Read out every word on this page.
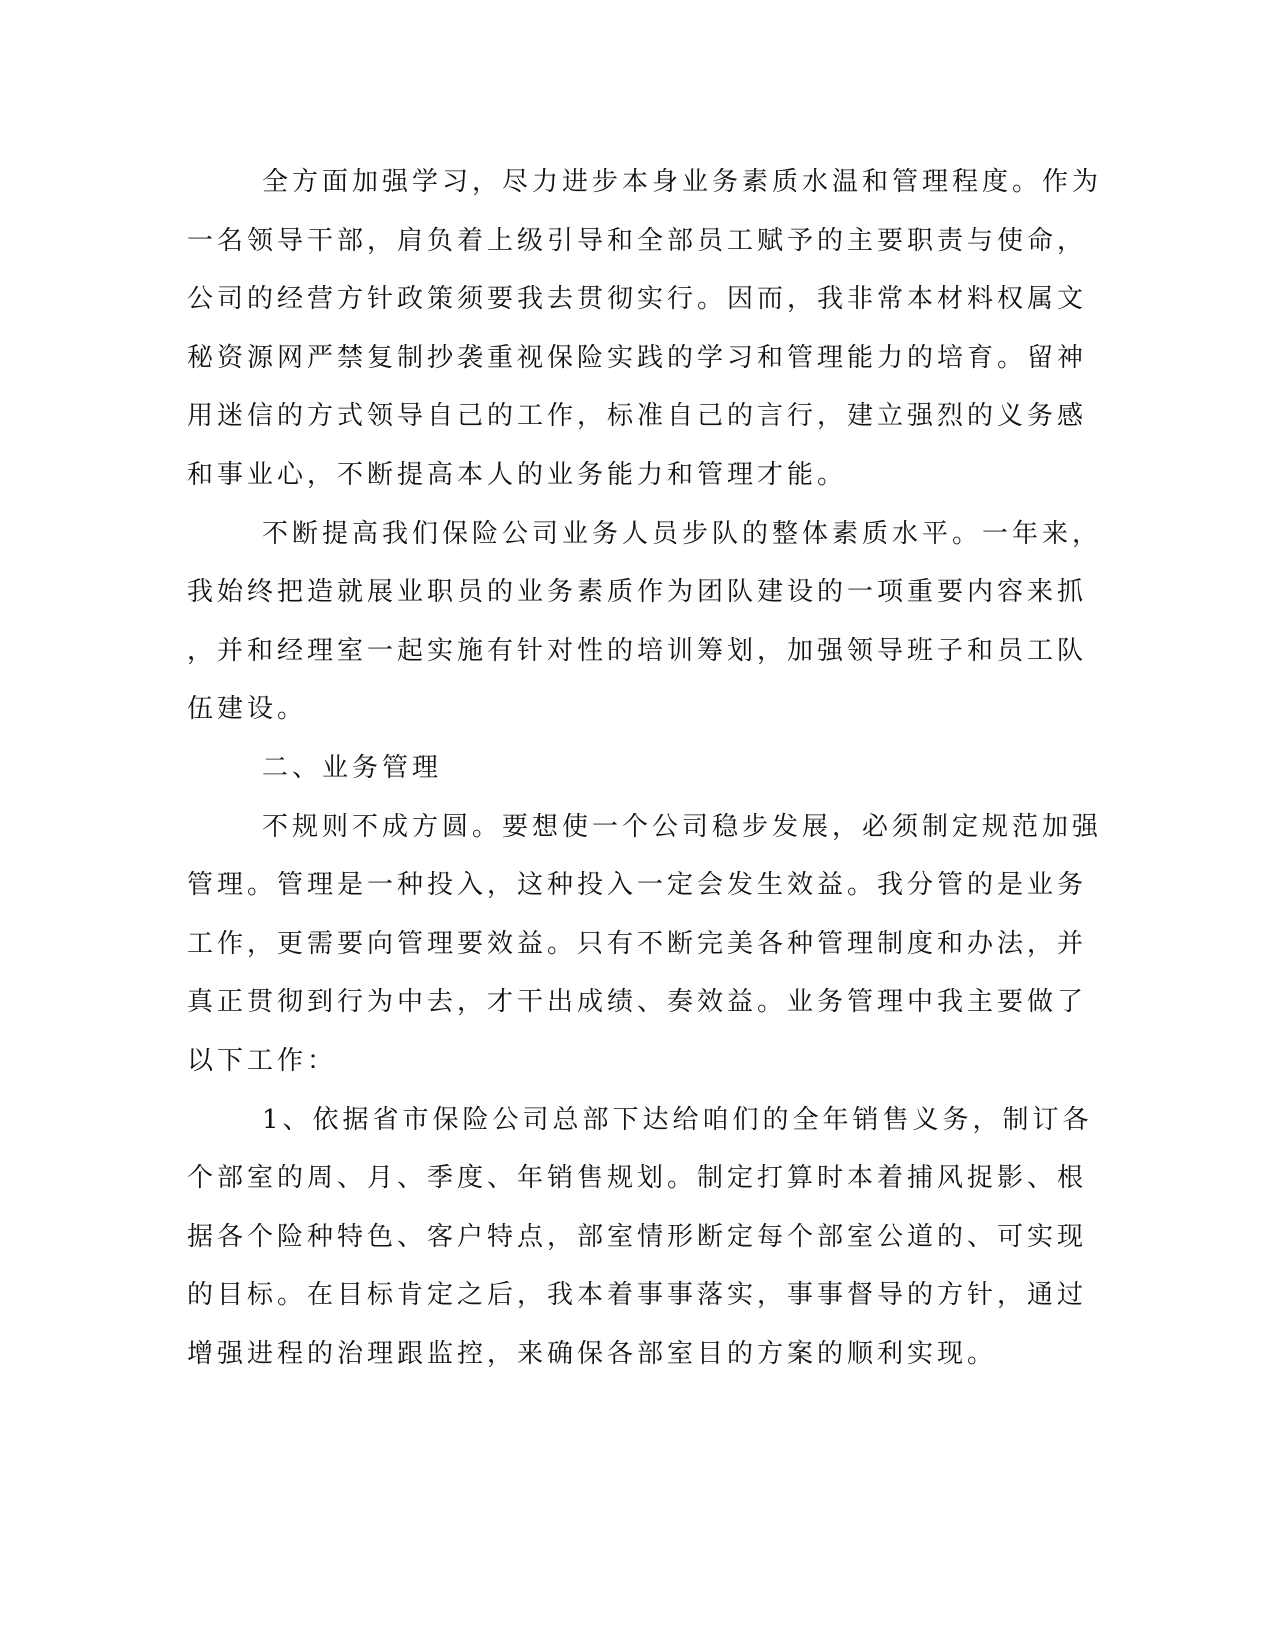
全方面加强学习，尽力进步本身业务素质水温和管理程度。作为
一名领导干部，肩负着上级引导和全部员工赋予的主要职责与使命，
公司的经营方针政策须要我去贯彻实行。因而，我非常本材料权属文
秘资源网严禁复制抄袭重视保险实践的学习和管理能力的培育。留神
用迷信的方式领导自己的工作，标准自己的言行，建立强烈的义务感
和事业心，不断提高本人的业务能力和管理才能。
不断提高我们保险公司业务人员步队的整体素质水平。一年来，
我始终把造就展业职员的业务素质作为团队建设的一项重要内容来抓
，并和经理室一起实施有针对性的培训筹划，加强领导班子和员工队
伍建设。
二、业务管理
不规则不成方圆。要想使一个公司稳步发展，必须制定规范加强
管理。管理是一种投入，这种投入一定会发生效益。我分管的是业务
工作，更需要向管理要效益。只有不断完美各种管理制度和办法，并
真正贯彻到行为中去，才干出成绩、奏效益。业务管理中我主要做了
以下工作：
1、依据省市保险公司总部下达给咱们的全年销售义务，制订各
个部室的周、月、季度、年销售规划。制定打算时本着捕风捉影、根
据各个险种特色、客户特点，部室情形断定每个部室公道的、可实现
的目标。在目标肯定之后，我本着事事落实，事事督导的方针，通过
增强进程的治理跟监控，来确保各部室目的方案的顺利实现。
